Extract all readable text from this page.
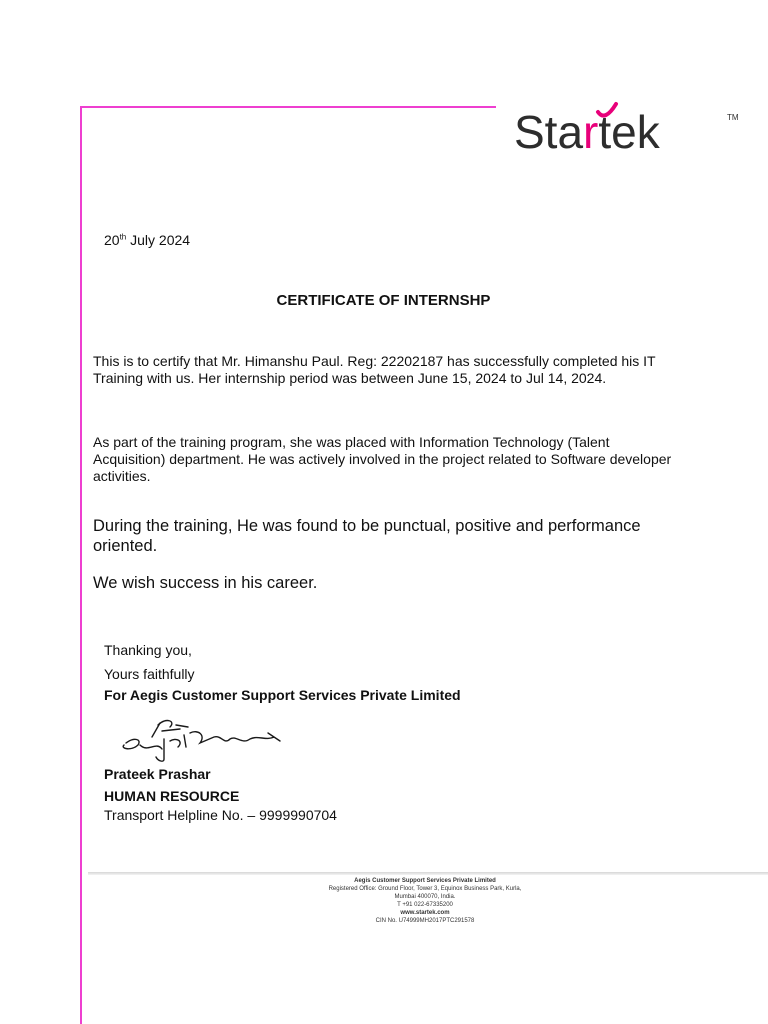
Startek	TM
20th July 2024
CERTIFICATE OF INTERNSHP
This is to certify that Mr. Himanshu Paul. Reg: 22202187 has successfully completed his IT Training with us. Her internship period was between June 15, 2024 to Jul 14, 2024.
As part of the training program, she was placed with Information Technology (Talent Acquisition) department. He was actively involved in the project related to Software developer activities.
During the training, He was found to be punctual, positive and performance oriented.
We wish success in his career.
Thanking you,
Yours faithfully
For Aegis Customer Support Services Private Limited
Prateek Prashar
HUMAN RESOURCE
Transport Helpline No. – 9999990704
Aegis Customer Support Services Private Limited
Registered Office: Ground Floor, Tower 3, Equinox Business Park, Kurla,
Mumbai 400070, India.
T +91 022-67335200
www.startek.com
CIN No. U74999MH2017PTC291578
